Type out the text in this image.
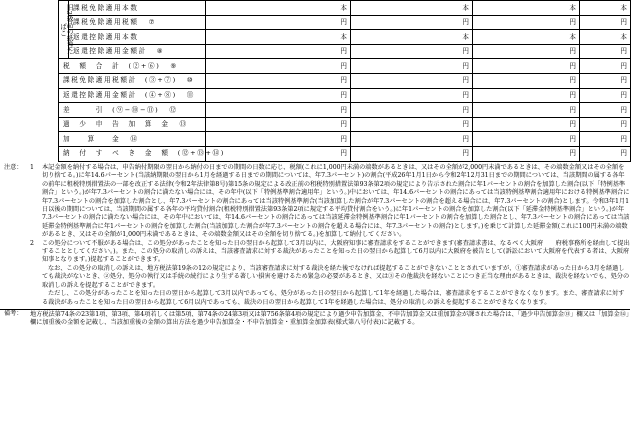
旧3級品の紙巻たばこ	課税免除適用本数	本	本	本	本
	課税免除適用税額 ⑦	円	円	円	円
	返還控除適用本数	本	本	本	本
	返還控除適用金額計 ⑧	円	円	円	円
税　額　合　計　(②+⑥) ⑨		円	円	円	円
課税免除適用税額計　(③+⑦) ⑩		円	円	円	円
返還控除適用金額計　(④+⑧) ⑪		円	円	円	円
差　　　引　(⑨−⑩−⑪) ⑫		円	円	円	円
過　少　申　告　加　算　金 ⑬		円	円	円	円
加　　算　　金 ⑭		円	円	円	円
納　付　す　べ　き　金　額　(⑫+⑬+⑭)		円	円	円	円
注意： 1 本記金額を納付する場合は、申告納付期限の翌日から納付の日までの期間の日数に応じ、税額(これに1,000円未満の端数があるときは、又はその全額が2,000円未満であるときは、その端数金額又はその全額を切り捨てる。)に年14.6パーセント(当該納期限の翌日から1月を経過する日までの期間については、年7.3パーセント)の割合(平成26年1月1日から令和2年12月31日までの期間については、当該期間の属する各年の前年に租税特別措置法の一部を改正する法律(令和2年法律第8号)第15条の規定による改正前の租税特別措置法第93条第2項の規定により告示された割合に年1パーセントの割合を加算した割合(以下「特例基準割合」という。)が年7.3パーセントの割合に満たない場合には、その年中(以下「特例基準割合適用年」という。)中においては、年14.6パーセントの割合にあっては当該特例基準割合適用年における特例基準割合に年7.3パーセントの割合を加算した割合とし、年7.3パーセントの割合にあっては当該特例基準割合(当該加算した割合が年7.3パーセントの割合を超える場合には、年7.3パーセントの割合)とします。令和3年1月1日以後の期間については、当該期間の属する各年の平均貸付割合(租税特別措置法第93条第2項に規定する平均貸付割合をいう。)に年1パーセントの割合を加算した割合(以下「延滞金特例基準割合」という。)が年7.3パーセントの割合に満たない場合には、その年中においては、年14.6パーセントの割合にあっては当該延滞金特例基準割合に年1パーセントの割合を加算した割合とし、年7.3パーセントの割合にあっては当該延滞金特例基準割合に年1パーセントの割合を加算した割合(当該加算した割合が年7.3パーセントの割合を超える場合には、年7.3パーセントの割合)とします。)を乗じて計算した延滞金額(これに100円未満の端数があるとき、又はその全額が1,000円未満であるときは、その端数金額又はその全額を切り捨てる。)を加算して納付してください。

2 この処分について不服がある場合は、この処分があったことを知った日の翌日から起算して3月以内に、大阪府知事に審査請求をすることができます(審査請求書は、なるべく大阪府　　府税事務所を経由して提出することとしてください。)。また、この処分の取消しの訴えは、当該審査請求に対する裁決があったことを知った日の翌日から起算して6月以内に大阪府を被告として(訴訟において大阪府を代表する者は、大阪府知事となります。)提起することができます。

なお、この処分の取消しの訴えは、地方税法第19条の12の規定により、当該審査請求に対する裁決を経た後でなければ提起することができないこととされていますが、①審査請求があった日から3月を経過しても裁決がないとき、②処分、処分の執行又は手続の続行により生ずる著しい損害を避けるため緊急の必要があるとき、又は③その他裁決を経ないことにつき正当な理由があるときは、裁決を経ないでも、処分の取消しの訴えを提起することができます。

ただし、この処分があったことを知った日の翌日から起算して3月以内であっても、処分があった日の翌日から起算して1年を経過した場合は、審査請求をすることができなくなります。また、審査請求に対する裁決があったことを知った日の翌日から起算して6月以内であっても、裁決の日の翌日から起算して1年を経過した場合は、処分の取消しの訴えを提起することができなくなります。

備考： 地方税法第74条の23第1項、第3項、第4項若しくは第5項、第74条の24第3項又は第756条第4項の規定により過少申告加算金、不申告加算金又は重加算金が課された場合は、「過少申告加算金⑬」欄又は「加算金⑭」欄に加重後の金額を記載し、当該加重後の金額の算出方法を過少申告加算金・不申告加算金・重加算金加算表(様式第八号付表)に記載する。
